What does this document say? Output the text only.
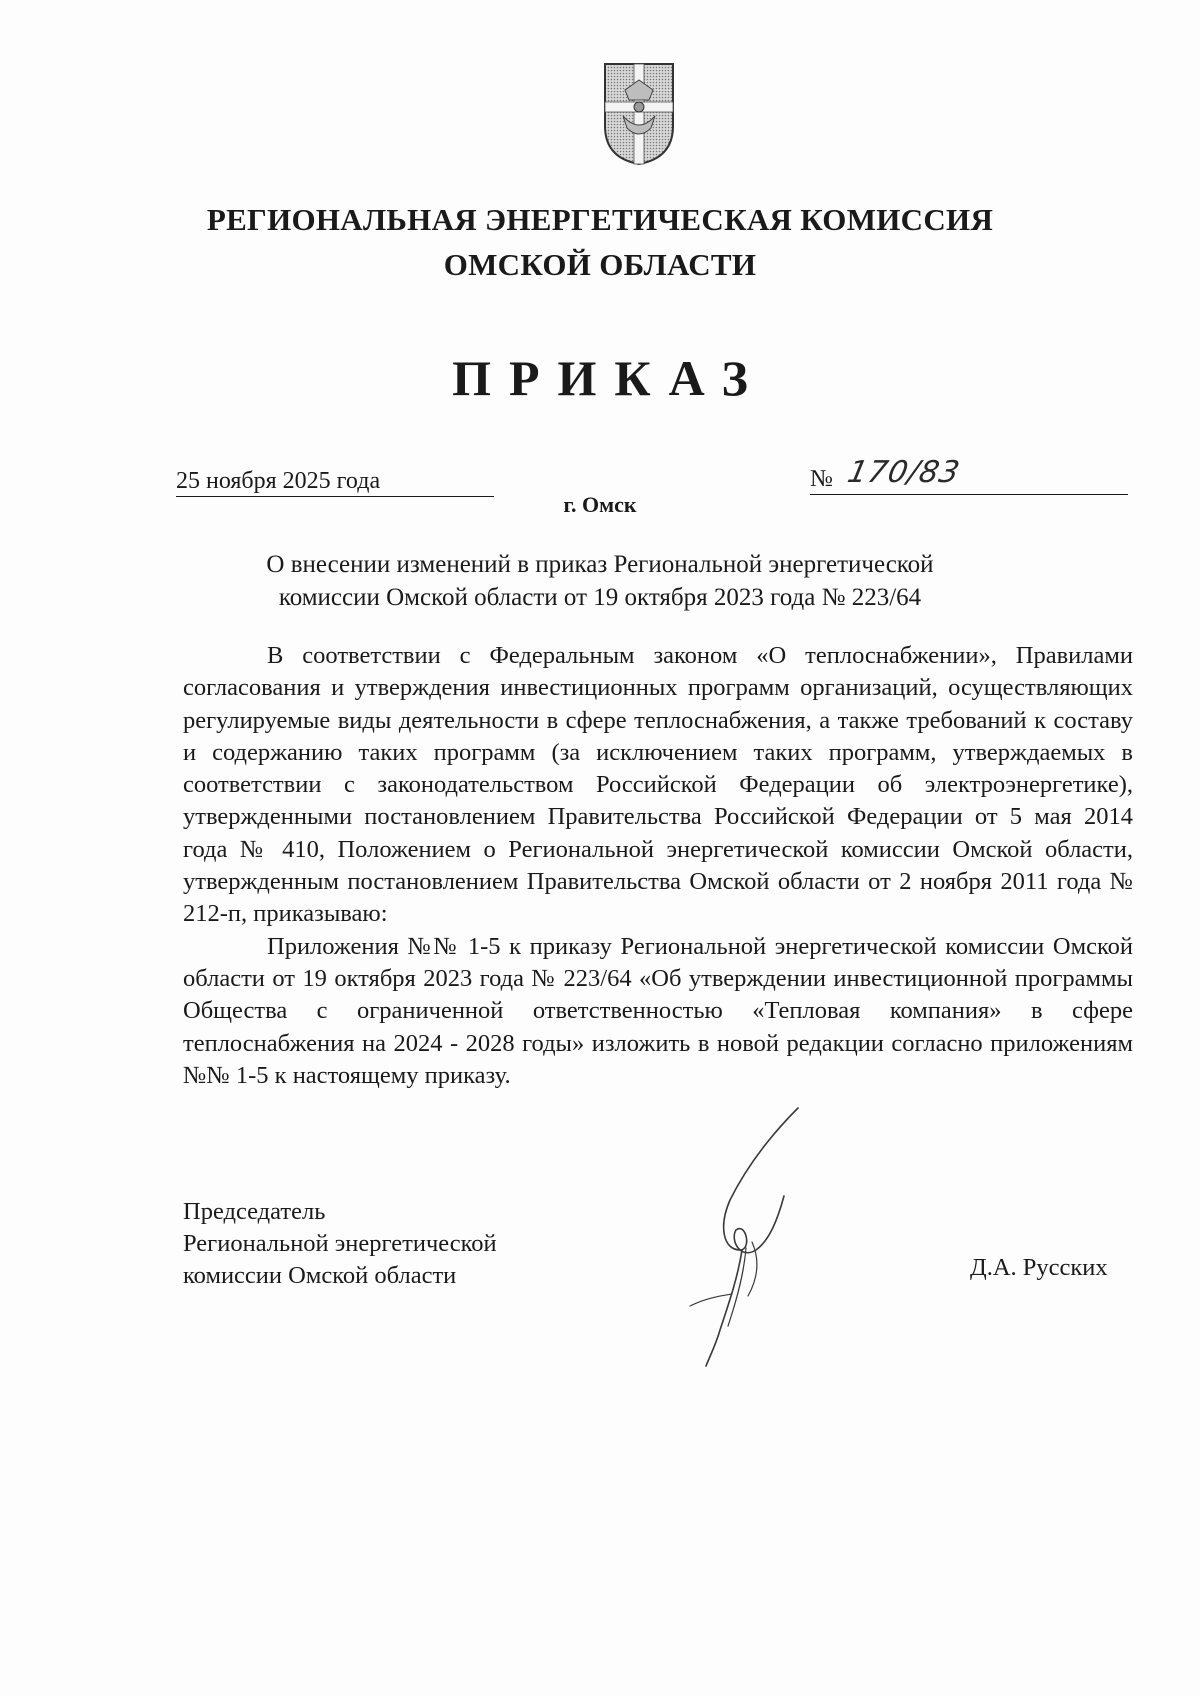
РЕГИОНАЛЬНАЯ ЭНЕРГЕТИЧЕСКАЯ КОМИССИЯ
ОМСКОЙ ОБЛАСТИ
ПРИКАЗ
25 ноября 2025 года	№ 170/83
г. Омск
О внесении изменений в приказ Региональной энергетической
комиссии Омской области от 19 октября 2023 года № 223/64

В соответствии с Федеральным законом «О теплоснабжении», Правилами согласования и утверждения инвестиционных программ организаций, осуществляющих регулируемые виды деятельности в сфере теплоснабжения, а также требований к составу и содержанию таких программ (за исключением таких программ, утверждаемых в соответствии с законодательством Российской Федерации об электроэнергетике), утвержденными постановлением Правительства Российской Федерации от 5 мая 2014 года № 410, Положением о Региональной энергетической комиссии Омской области, утвержденным постановлением Правительства Омской области от 2 ноября 2011 года № 212-п, приказываю:

Приложения №№ 1-5 к приказу Региональной энергетической комиссии Омской области от 19 октября 2023 года № 223/64 «Об утверждении инвестиционной программы Общества с ограниченной ответственностью «Тепловая компания» в сфере теплоснабжения на 2024 - 2028 годы» изложить в новой редакции согласно приложениям №№ 1-5 к настоящему приказу.

Председатель
Региональной энергетической
комиссии Омской области	Д.А. Русских
